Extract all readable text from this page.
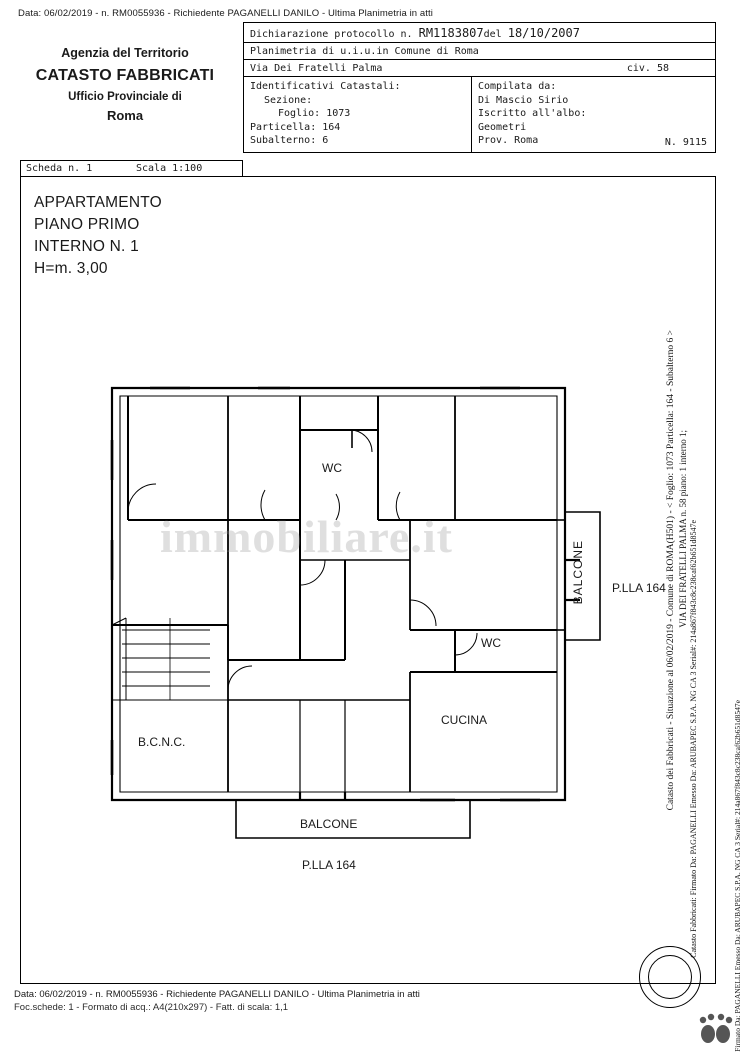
Data: 06/02/2019 - n. RM0055936 - Richiedente PAGANELLI DANILO - Ultima Planimetria in atti
Agenzia del Territorio
CATASTO FABBRICATI
Ufficio Provinciale di
Roma
Dichiarazione protocollo n. RM1183807del 18/10/2007
Planimetria di u.i.u.in Comune di Roma
Via Dei Fratelli Palma	civ. 58
Identificativi Catastali:
Sezione:
Foglio: 1073
Particella: 164
Subalterno: 6
Compilata da:
Di Mascio Sirio
Iscritto all'albo:
Geometri
Prov. Roma	N. 9115
Scheda n. 1	Scala 1:100
APPARTAMENTO
PIANO PRIMO
INTERNO N. 1
H=m. 3,00
WC
WC
CUCINA
B.C.N.C.
BALCONE
BALCONE
P.LLA 164
P.LLA 164
immobiliare.it	Catasto dei Fabbricati - Situazione al 06/02/2019 - Comune di ROMA(H501) - < Foglio: 1073 Particella: 164 - Subalterno 6 > VIA DEI FRATELLI PALMA n. 58 piano: 1 interno 1; Catasto Fabbricati: Firmato Da: PAGANELLI Emesso Da: ARUBAPEC S.P.A. NG CA 3 Serial#: 214a867f843c8c238caf62b651d8547e	Firmato Da: PAGANELLI Emesso Da: ARUBAPEC S.P.A. NG CA 3 Serial#: 214a867f843c8c238caf62b651d8547e
Data: 06/02/2019 - n. RM0055936 - Richiedente PAGANELLI DANILO - Ultima Planimetria in atti
Foc.schede: 1 - Formato di acq.: A4(210x297) - Fatt. di scala: 1,1
